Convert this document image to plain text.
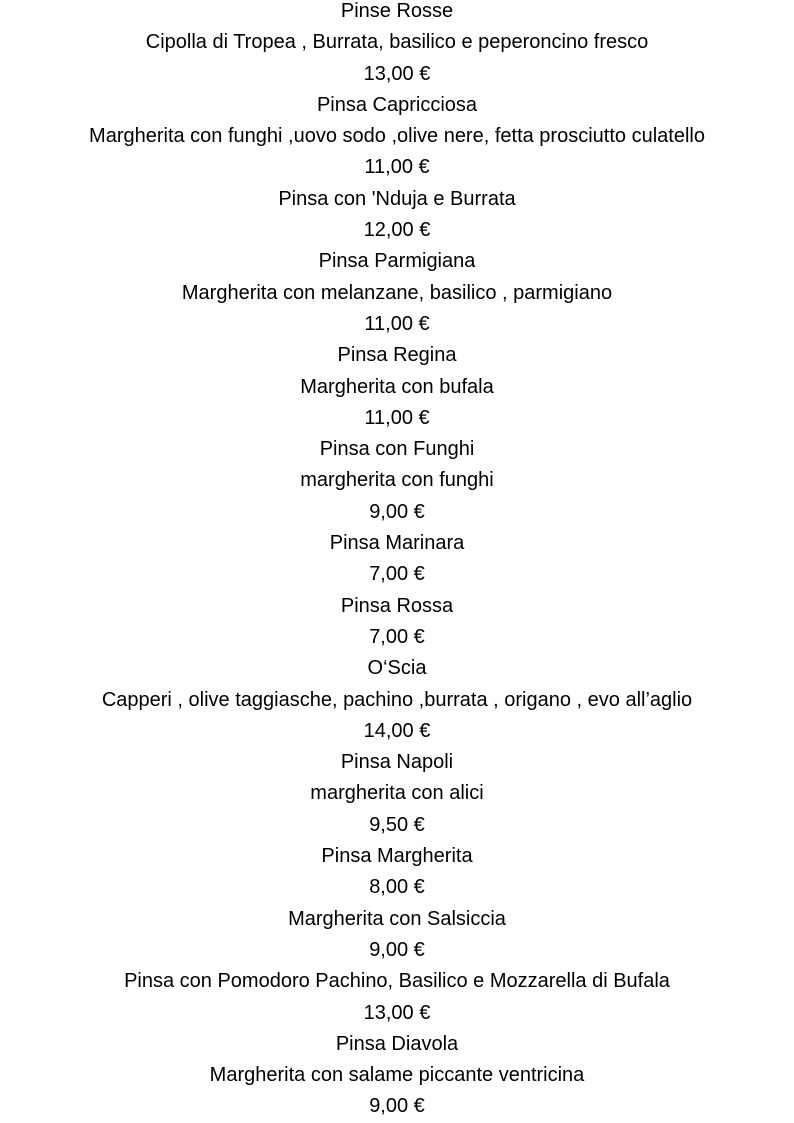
Pinse Rosse
Cipolla di Tropea , Burrata, basilico e peperoncino fresco
13,00 €
Pinsa Capricciosa
Margherita con funghi ,uovo sodo ,olive nere, fetta prosciutto culatello
11,00 €
Pinsa con 'Nduja e Burrata
12,00 €
Pinsa Parmigiana
Margherita con melanzane, basilico , parmigiano
11,00 €
Pinsa Regina
Margherita con bufala
11,00 €
Pinsa con Funghi
margherita con funghi
9,00 €
Pinsa Marinara
7,00 €
Pinsa Rossa
7,00 €
O‘Scia
Capperi , olive taggiasche, pachino ,burrata , origano , evo all’aglio
14,00 €
Pinsa Napoli
margherita con alici
9,50 €
Pinsa Margherita
8,00 €
Margherita con Salsiccia
9,00 €
Pinsa con Pomodoro Pachino, Basilico e Mozzarella di Bufala
13,00 €
Pinsa Diavola
Margherita con salame piccante ventricina
9,00 €
